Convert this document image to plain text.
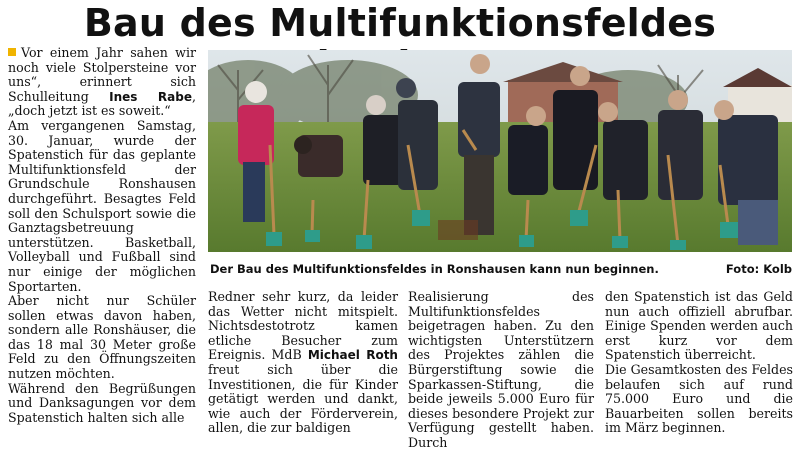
Bau des Multifunktionsfeldes

Vor einem Jahr sahen wir noch viele Stolpersteine vor uns“, erinnert sich Schulleitung Ines Rabe, „doch jetzt ist es soweit.“

Am vergangenen Samstag, 30. Januar, wurde der Spatenstich für das geplante Multifunktionsfeld der Grundschule Ronshausen durchgeführt. Besagtes Feld soll den Schulsport sowie die Ganztagsbetreuung unterstützen. Basketball, Volleyball und Fußball sind nur einige der möglichen Sportarten.

Aber nicht nur Schüler sollen etwas davon haben, sondern alle Ronshäuser, die das 18 mal 30 Meter große Feld zu den Öffnungszeiten nutzen möchten.

Während den Begrüßungen und Danksagungen vor dem Spatenstich halten sich alle

Der Bau des Multifunktionsfeldes in Ronshausen kann nun beginnen.	Foto: Kolb

Redner sehr kurz, da leider das Wetter nicht mitspielt. Nichtsdestotrotz kamen etliche Besucher zum Ereignis. MdB Michael Roth freut sich über die Investitionen, die für Kinder getätigt werden und dankt, wie auch der Förderverein, allen, die zur baldigen

Realisierung des Multifunktionsfeldes beigetragen haben. Zu den wichtigsten Unterstützern des Projektes zählen die Bürgerstiftung sowie die Sparkassen-Stiftung, die beide jeweils 5.000 Euro für dieses besondere Projekt zur Verfügung gestellt haben. Durch

den Spatenstich ist das Geld nun auch offiziell abrufbar. Einige Spenden werden auch erst kurz vor dem Spatenstich überreicht.

Die Gesamtkosten des Feldes belaufen sich auf rund 75.000 Euro und die Bauarbeiten sollen bereits im März beginnen.
